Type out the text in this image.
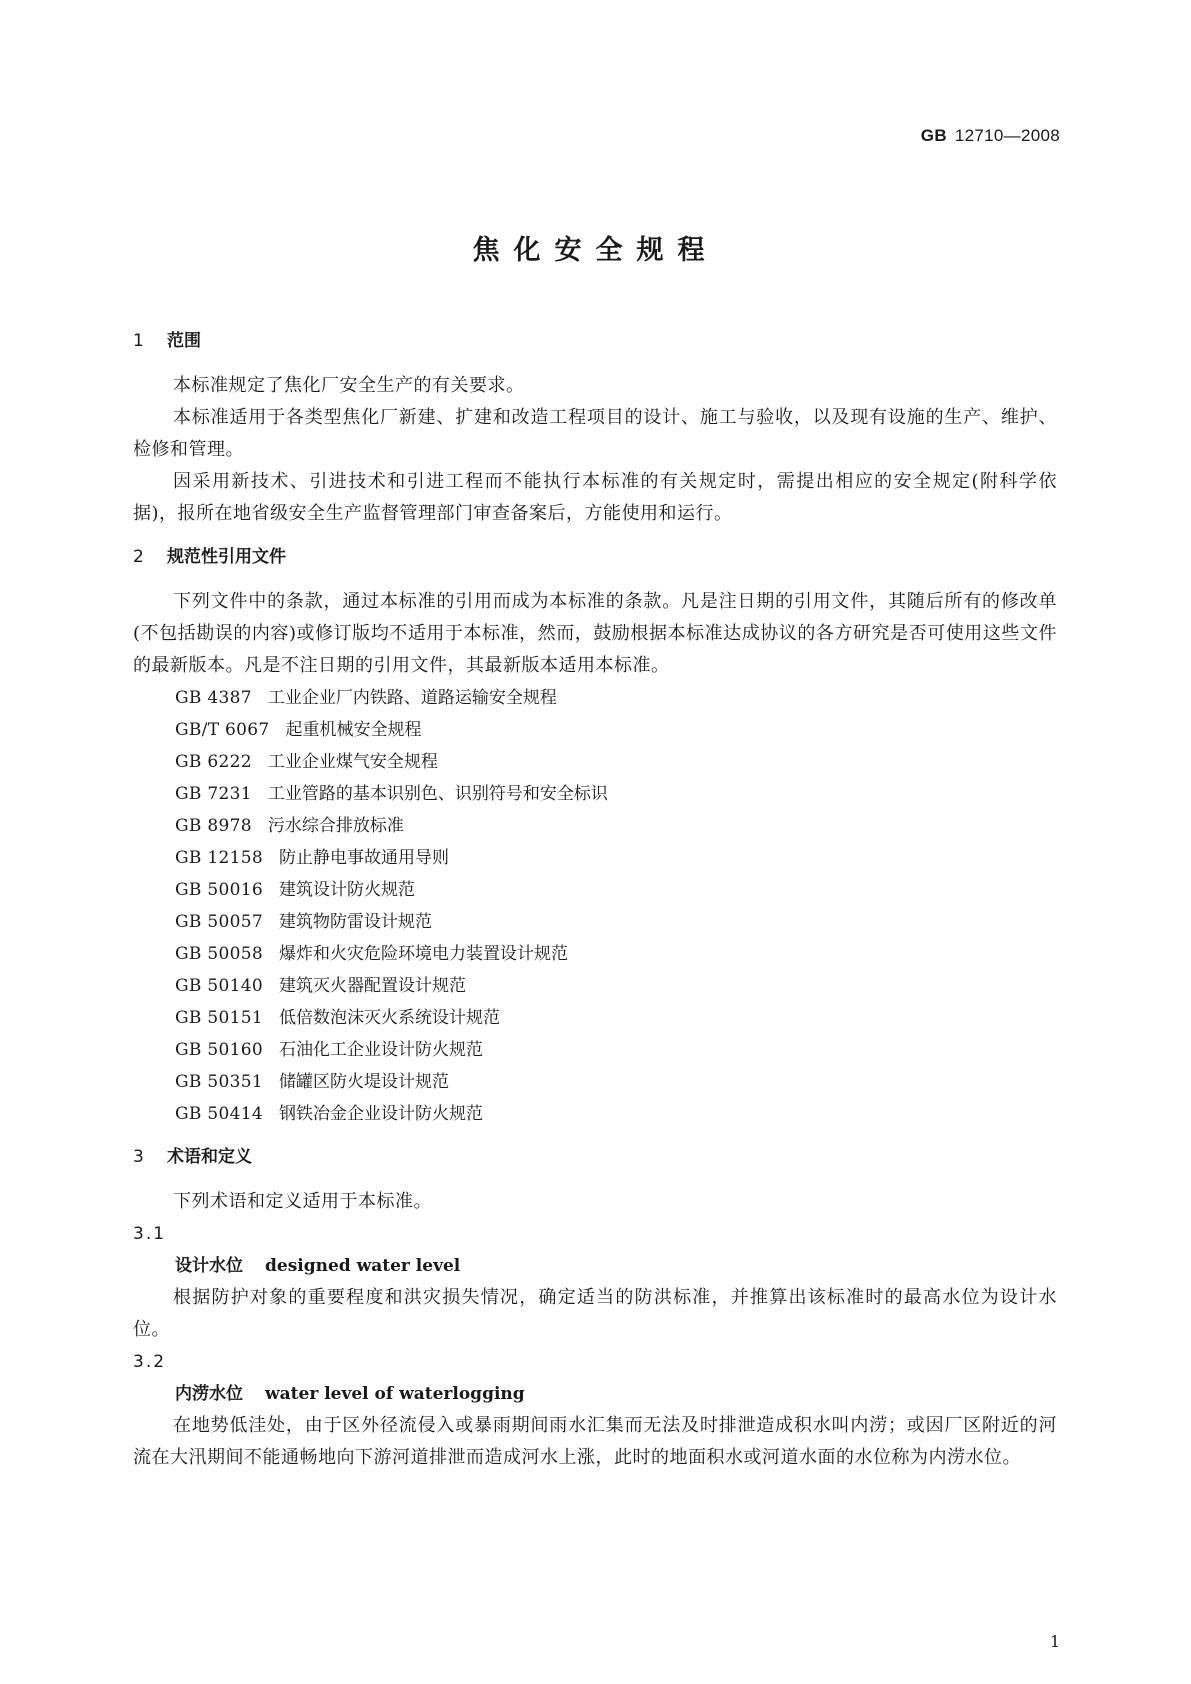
GB 12710—2008
焦化安全规程
1 范围
本标准规定了焦化厂安全生产的有关要求。
本标准适用于各类型焦化厂新建、扩建和改造工程项目的设计、施工与验收，以及现有设施的生产、维护、检修和管理。
因采用新技术、引进技术和引进工程而不能执行本标准的有关规定时，需提出相应的安全规定(附科学依据)，报所在地省级安全生产监督管理部门审查备案后，方能使用和运行。
2 规范性引用文件
下列文件中的条款，通过本标准的引用而成为本标准的条款。凡是注日期的引用文件，其随后所有的修改单(不包括勘误的内容)或修订版均不适用于本标准，然而，鼓励根据本标准达成协议的各方研究是否可使用这些文件的最新版本。凡是不注日期的引用文件，其最新版本适用本标准。
GB 4387 工业企业厂内铁路、道路运输安全规程
GB/T 6067 起重机械安全规程
GB 6222 工业企业煤气安全规程
GB 7231 工业管路的基本识别色、识别符号和安全标识
GB 8978 污水综合排放标准
GB 12158 防止静电事故通用导则
GB 50016 建筑设计防火规范
GB 50057 建筑物防雷设计规范
GB 50058 爆炸和火灾危险环境电力装置设计规范
GB 50140 建筑灭火器配置设计规范
GB 50151 低倍数泡沫灭火系统设计规范
GB 50160 石油化工企业设计防火规范
GB 50351 储罐区防火堤设计规范
GB 50414 钢铁冶金企业设计防火规范
3 术语和定义
下列术语和定义适用于本标准。
3.1
设计水位 designed water level
根据防护对象的重要程度和洪灾损失情况，确定适当的防洪标准，并推算出该标准时的最高水位为设计水位。
3.2
内涝水位 water level of waterlogging
在地势低洼处，由于区外径流侵入或暴雨期间雨水汇集而无法及时排泄造成积水叫内涝；或因厂区附近的河流在大汛期间不能通畅地向下游河道排泄而造成河水上涨，此时的地面积水或河道水面的水位称为内涝水位。
1
